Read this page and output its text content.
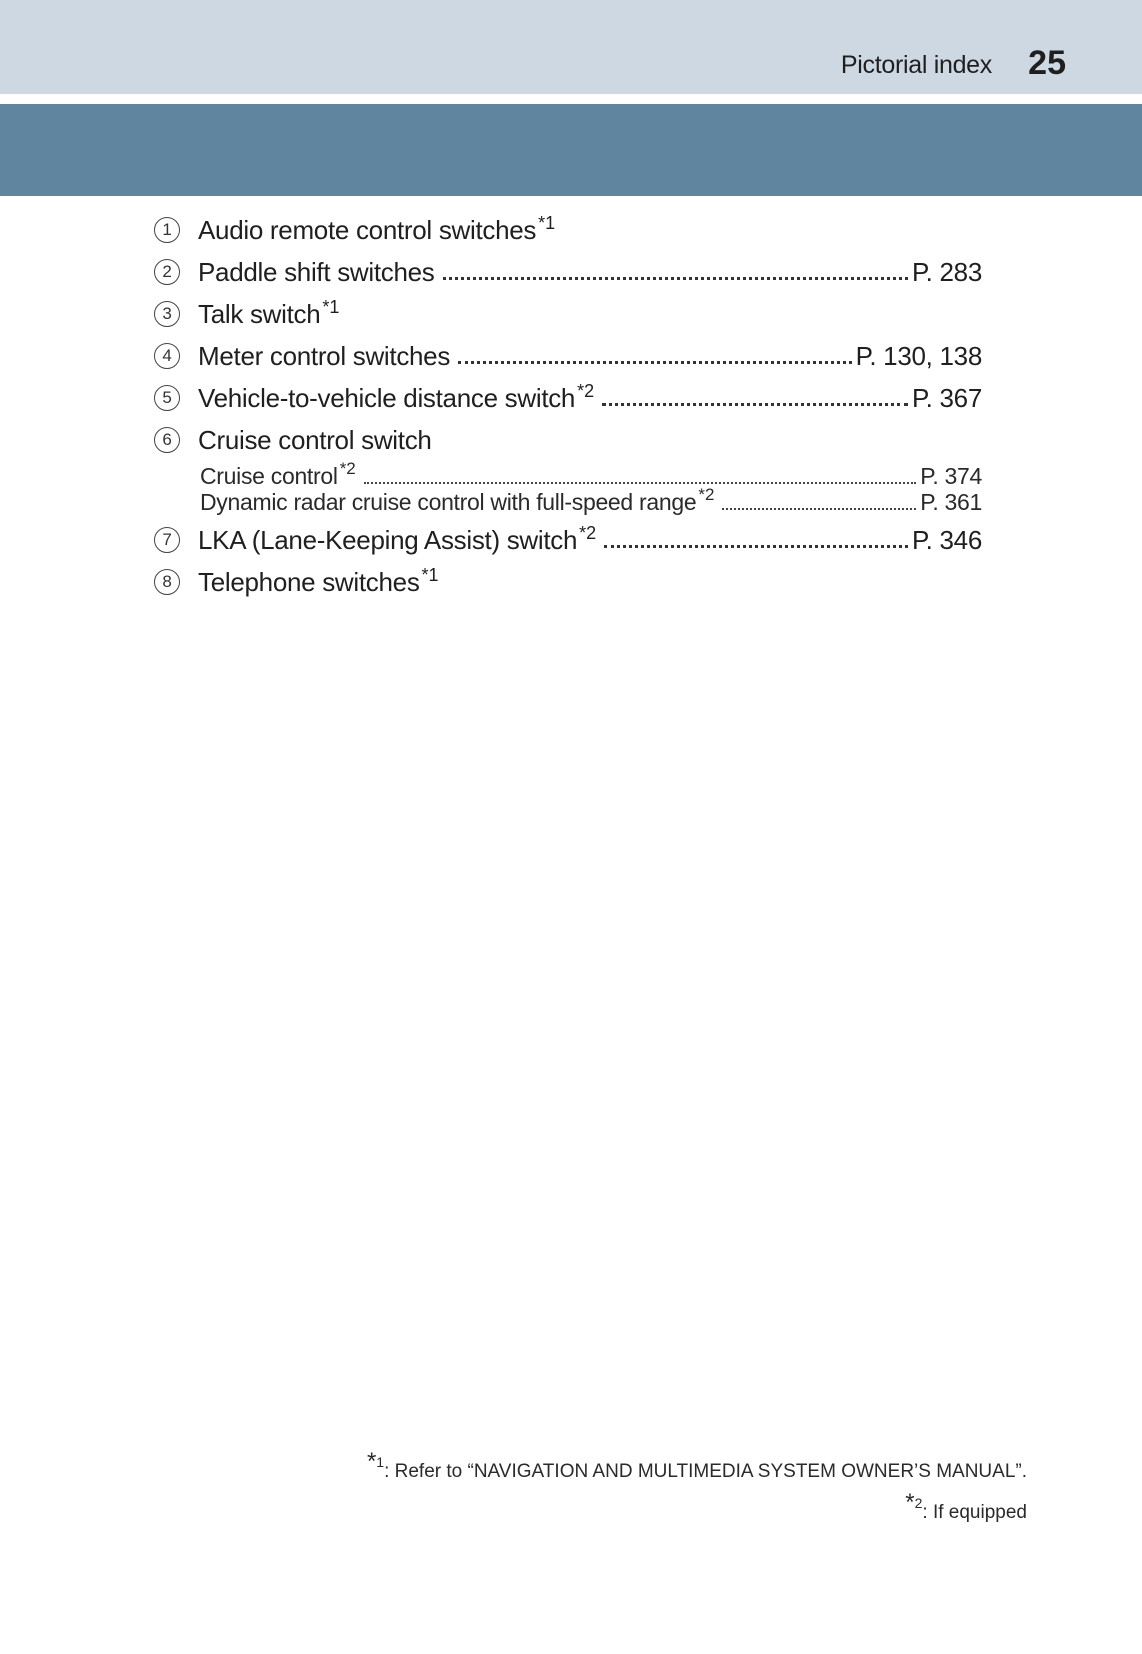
Pictorial index 25
1	Audio remote control switches *1
2	Paddle shift switches	P. 283
3	Talk switch *1
4	Meter control switches	P. 130, 138
5	Vehicle-to-vehicle distance switch *2	P. 367
6	Cruise control switch
Cruise control *2	P. 374
Dynamic radar cruise control with full-speed range *2	P. 361
7	LKA (Lane-Keeping Assist) switch *2	P. 346
8	Telephone switches *1
*$^1$: Refer to “NAVIGATION AND MULTIMEDIA SYSTEM OWNER’S MANUAL”.
*$^2$: If equipped
